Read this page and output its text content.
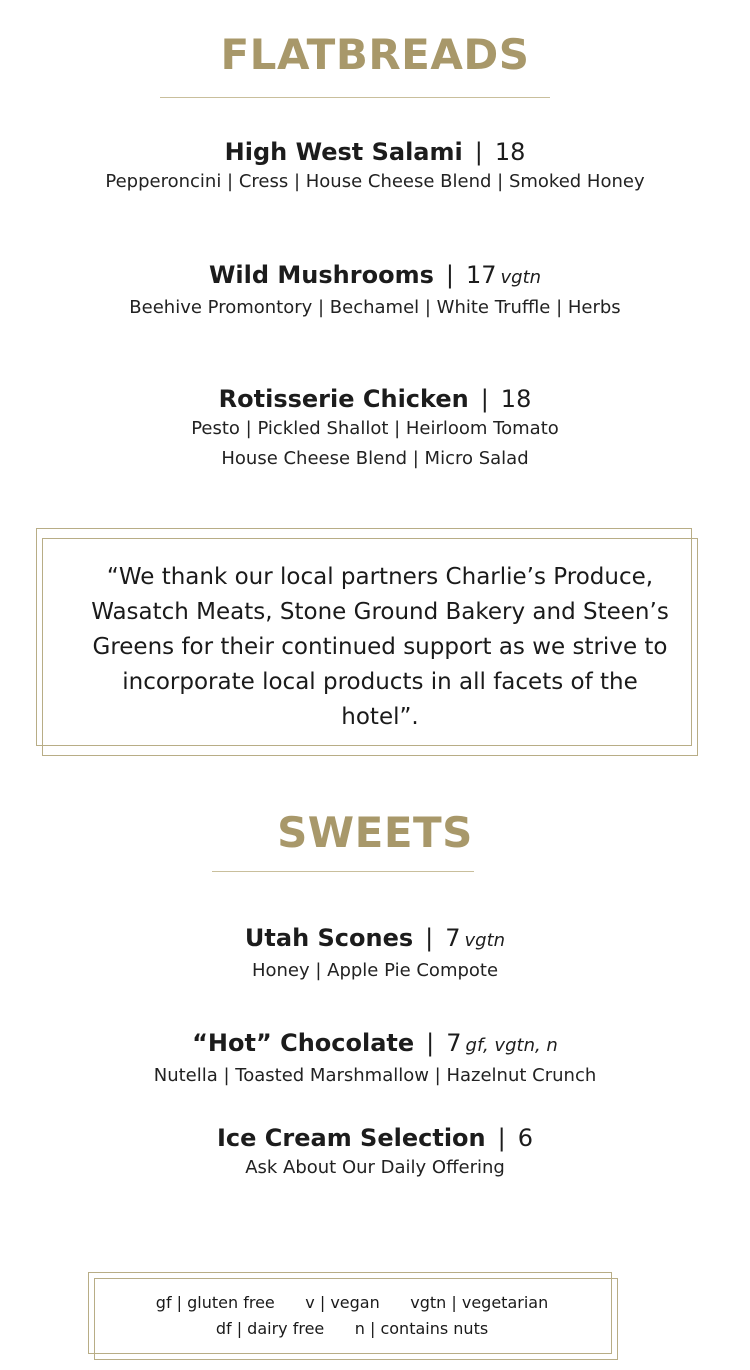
FLATBREADS
High West Salami | 18
Pepperoncini | Cress | House Cheese Blend | Smoked Honey
Wild Mushrooms | 17 vgtn
Beehive Promontory | Bechamel | White Truffle | Herbs
Rotisserie Chicken | 18
Pesto | Pickled Shallot | Heirloom Tomato
House Cheese Blend | Micro Salad
“We thank our local partners Charlie’s Produce,
Wasatch Meats, Stone Ground Bakery and Steen’s
Greens for their continued support as we strive to
incorporate local products in all facets of the
hotel”.
SWEETS
Utah Scones | 7 vgtn
Honey | Apple Pie Compote
“Hot” Chocolate | 7 gf, vgtn, n
Nutella | Toasted Marshmallow | Hazelnut Crunch
Ice Cream Selection | 6
Ask About Our Daily Offering
gf | gluten free v | vegan vgtn | vegetarian
df | dairy free n | contains nuts
